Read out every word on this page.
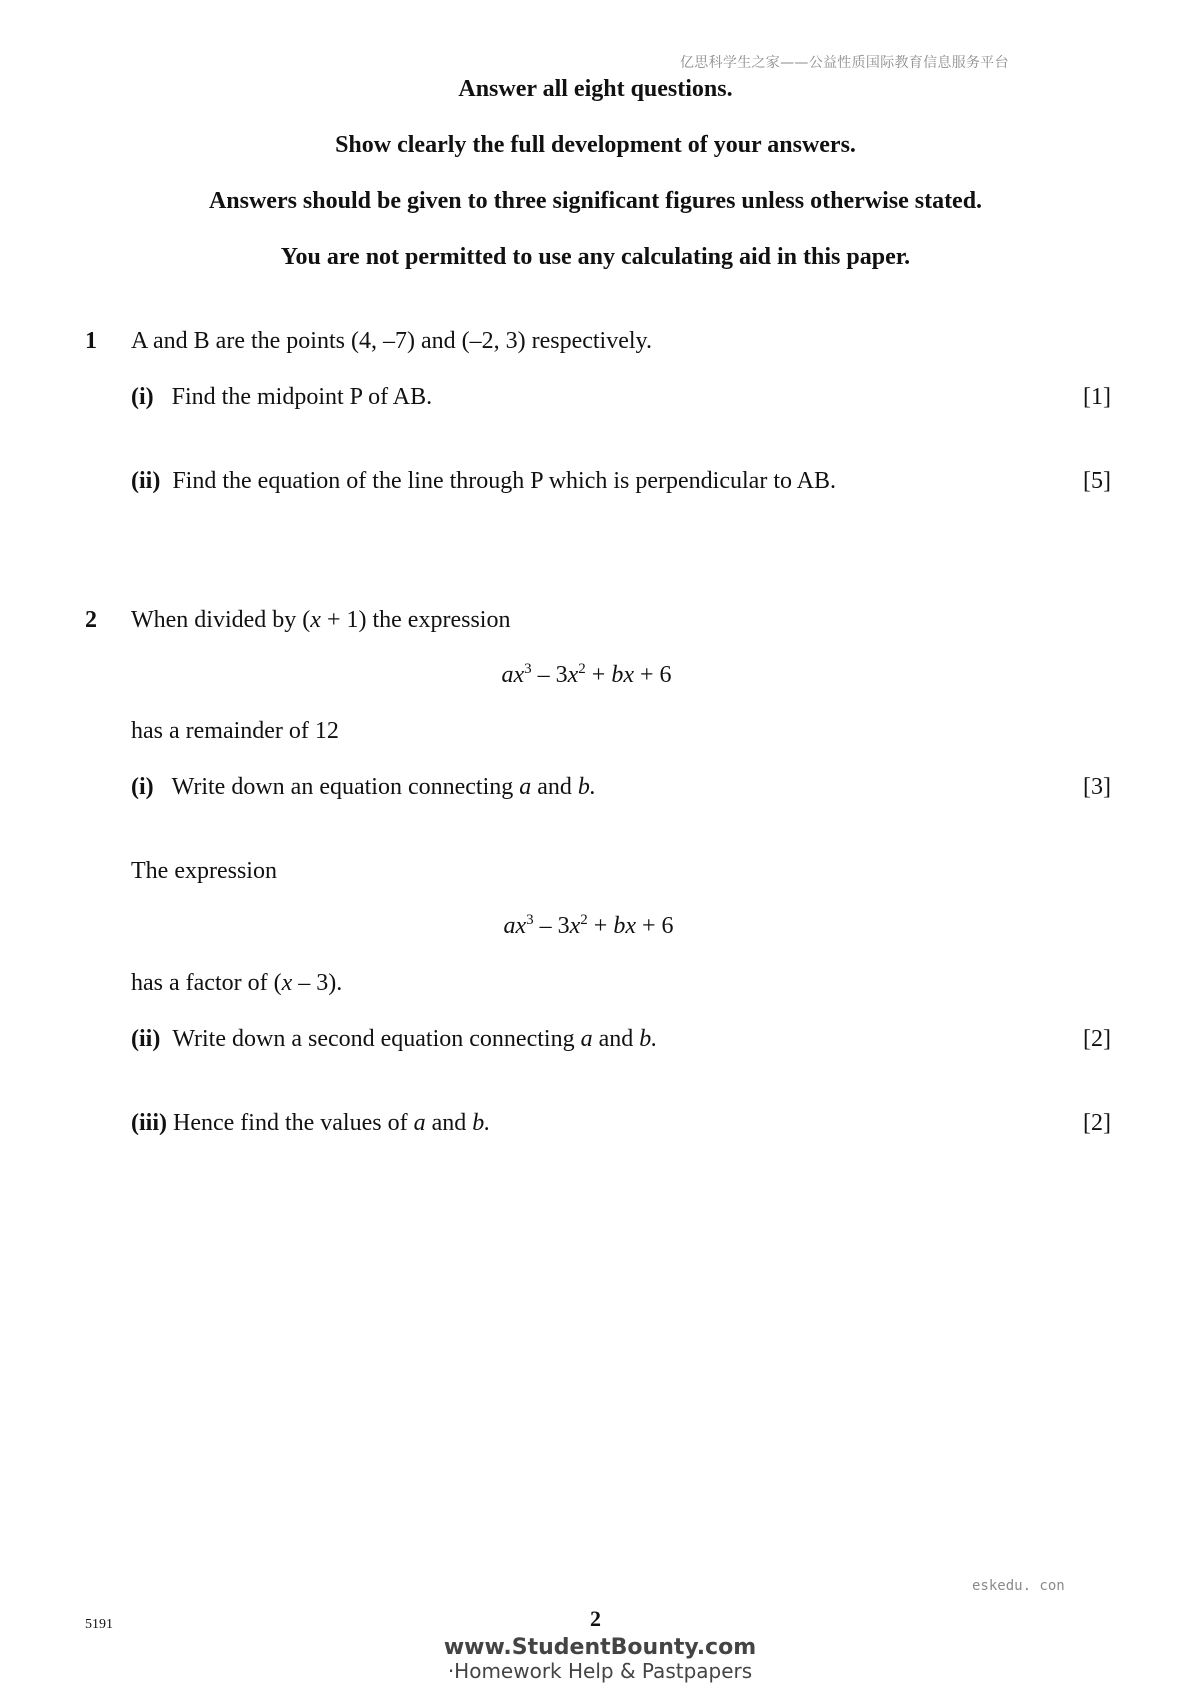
亿思科学生之家——公益性质国际教育信息服务平台
Answer all eight questions.
Show clearly the full development of your answers.
Answers should be given to three significant figures unless otherwise stated.
You are not permitted to use any calculating aid in this paper.
1 A and B are the points (4, –7) and (–2, 3) respectively.
(i) Find the midpoint P of AB.	[1]
(ii) Find the equation of the line through P which is perpendicular to AB.	[5]
2 When divided by (x + 1) the expression
$ax^3 - 3x^2$ + bx + 6
has a remainder of 12
(i) Write down an equation connecting a and b.	[3]
The expression
$ax^3 - 3x^2$ + bx + 6
has a factor of (x – 3).
(ii) Write down a second equation connecting a and b.	[2]
(iii) Hence find the values of a and b.	[2]
eskedu. con
5191	2
www.StudentBounty.com
·Homework Help & Pastpapers
